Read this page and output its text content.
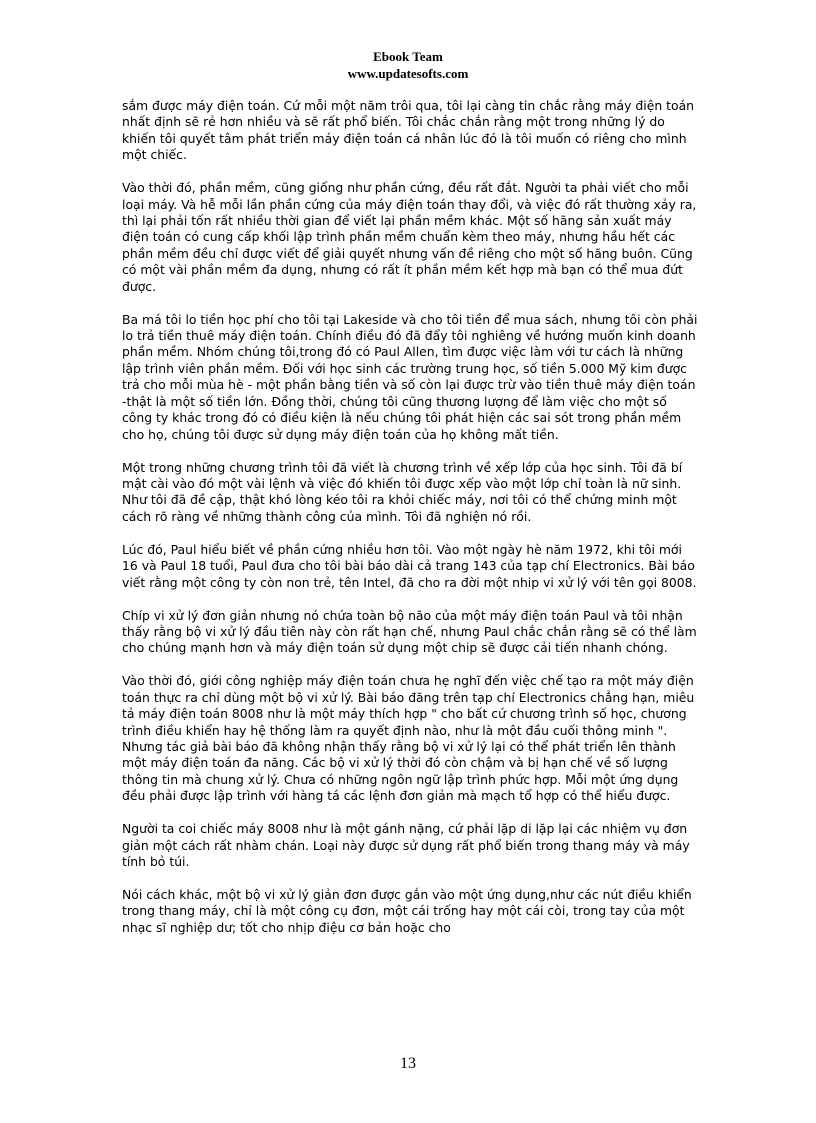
Ebook Team
www.updatesofts.com

sắm được máy điện toán. Cứ mỗi một năm trôi qua, tôi lại càng tin chắc rằng máy điện toán nhất định sẽ rẻ hơn nhiều và sẽ rất phổ biến. Tôi chắc chắn rằng một trong những lý do khiến tôi quyết tâm phát triển máy điện toán cá nhân lúc đó là tôi muốn có riêng cho mình một chiếc.

Vào thời đó, phần mềm, cũng giống như phần cứng, đều rất đắt. Người ta phải viết cho mỗi loại máy. Và hễ mỗi lần phần cứng của máy điện toán thay đổi, và việc đó rất thường xảy ra, thì lại phải tốn rất nhiều thời gian để viết lại phần mềm khác. Một số hãng sản xuất máy điện toán có cung cấp khối lập trình phần mềm chuẩn kèm theo máy, nhưng hầu hết các phần mềm đều chỉ được viết để giải quyết nhưng vấn đề riêng cho một số hãng buôn. Cũng có một vài phần mềm đa dụng, nhưng có rất ít phần mềm kết hợp mà bạn có thể mua đứt được.

Ba má tôi lo tiền học phí cho tôi tại Lakeside và cho tôi tiền để mua sách, nhưng tôi còn phải lo trả tiền thuê máy điện toán. Chính điều đó đã đẩy tôi nghiêng về hướng muốn kinh doanh phần mềm. Nhóm chúng tôi,trong đó có Paul Allen, tìm được việc làm với tư cách là những lập trình viên phần mềm. Đối với học sinh các trường trung học, số tiền 5.000 Mỹ kim được trả cho mỗi mùa hè - một phần bằng tiền và số còn lại được trừ vào tiền thuê máy điện toán -thật là một số tiền lớn. Đồng thời, chúng tôi cũng thương lượng để làm việc cho một số công ty khác trong đó có điều kiện là nếu chúng tôi phát hiện các sai sót trong phần mềm cho họ, chúng tôi được sử dụng máy điện toán của họ không mất tiền.

Một trong những chương trình tôi đã viết là chương trình về xếp lớp của học sinh. Tôi đã bí mật cài vào đó một vài lệnh và việc đó khiến tôi được xếp vào một lớp chỉ toàn là nữ sinh. Như tôi đã đề cập, thật khó lòng kéo tôi ra khỏi chiếc máy, nơi tôi có thể chứng minh một cách rõ ràng về những thành công của mình. Tôi đã nghiện nó rồi.

Lúc đó, Paul hiểu biết về phần cứng nhiều hơn tôi. Vào một ngày hè năm 1972, khi tôi mới 16 và Paul 18 tuổi, Paul đưa cho tôi bài báo dài cả trang 143 của tạp chí Electronics. Bài báo viết rằng một công ty còn non trẻ, tên Intel, đã cho ra đời một nhip vi xử lý với tên gọi 8008.

Chíp vi xử lý đơn giản nhưng nó chứa toàn bộ não của một máy điện toán Paul và tôi nhận thấy rằng bộ vi xử lý đầu tiên này còn rất hạn chế, nhưng Paul chắc chắn rằng sẽ có thể làm cho chúng mạnh hơn và máy điện toán sử dụng một chip sẽ được cải tiến nhanh chóng.

Vào thời đó, giới công nghiệp máy điện toán chưa hẹ nghĩ đến việc chế tạo ra một máy điện toán thực ra chỉ dùng một bộ vi xử lý. Bài báo đăng trên tạp chí Electronics chẳng hạn, miêu tả máy điện toán 8008 như là một máy thích hợp " cho bất cứ chương trình số học, chương trình điều khiển hay hệ thống làm ra quyết định nào, như là một đầu cuối thông minh ". Nhưng tác giả bài báo đã không nhận thấy rằng bộ vi xử lý lại có thể phát triển lên thành một máy điện toán đa năng. Các bộ vi xử lý thời đó còn chậm và bị hạn chế về số lượng thông tin mà chung xử lý. Chưa có những ngôn ngữ lập trình phức hợp. Mỗi một ứng dụng đều phải được lập trình với hàng tá các lệnh đơn giản mà mạch tổ hợp có thể hiểu được.

Người ta coi chiếc máy 8008 như là một gánh nặng, cứ phải lặp di lặp lại các nhiệm vụ đơn giản một cách rất nhàm chán. Loại này được sử dụng rất phổ biến trong thang máy và máy tính bỏ túi.

Nói cách khác, một bộ vi xử lý giản đơn được gắn vào một ứng dụng,như các nút điều khiển trong thang máy, chỉ là một công cụ đơn, một cái trống hay một cái còi, trong tay của một nhạc sĩ nghiệp dư; tốt cho nhịp điệu cơ bản hoặc cho

13
